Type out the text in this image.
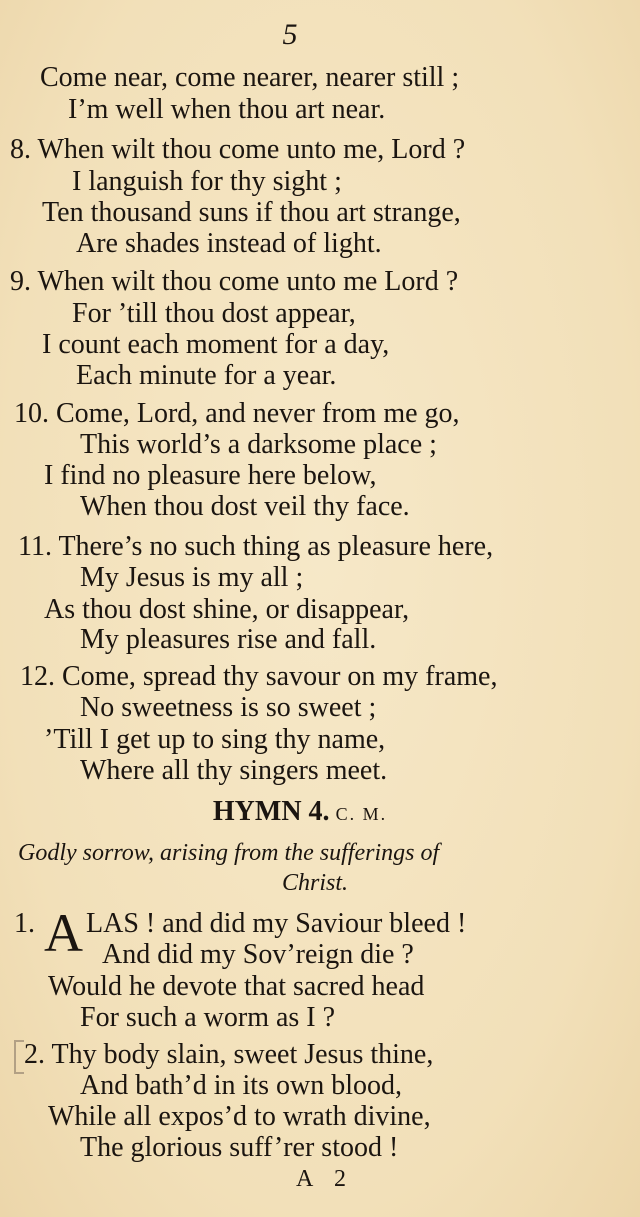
5
Come near, come nearer, nearer still ;
I’m well when thou art near.
8. When wilt thou come unto me, Lord ?
I languish for thy sight ;
Ten thousand suns if thou art strange,
Are shades instead of light.
9. When wilt thou come unto me Lord ?
For ’till thou dost appear,
I count each moment for a day,
Each minute for a year.
10. Come, Lord, and never from me go,
This world’s a darksome place ;
I find no pleasure here below,
When thou dost veil thy face.
11. There’s no such thing as pleasure here,
My Jesus is my all ;
As thou dost shine, or disappear,
My pleasures rise and fall.
12. Come, spread thy savour on my frame,
No sweetness is so sweet ;
’Till I get up to sing thy name,
Where all thy singers meet.
HYMN 4. C. M.
Godly sorrow, arising from the sufferings of
Christ.
1. A LAS ! and did my Saviour bleed !
And did my Sov’reign die ?
Would he devote that sacred head
For such a worm as I ?
2. Thy body slain, sweet Jesus thine,
And bath’d in its own blood,
While all expos’d to wrath divine,
The glorious suff’rer stood !
A 2
